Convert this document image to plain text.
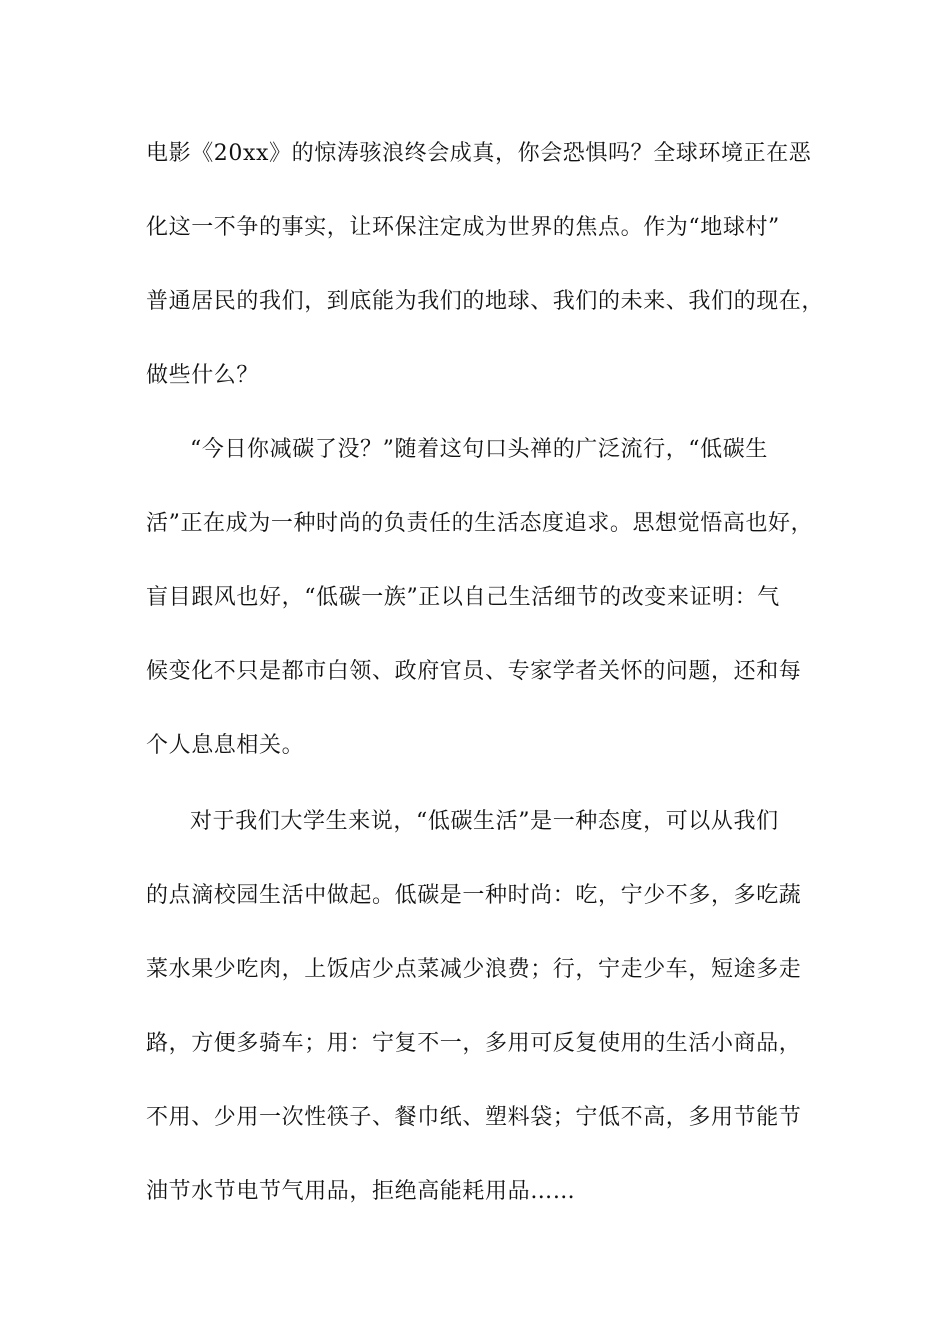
电影《20xx》的惊涛骇浪终会成真，你会恐惧吗？全球环境正在恶

化这一不争的事实，让环保注定成为世界的焦点。作为“地球村”

普通居民的我们，到底能为我们的地球、我们的未来、我们的现在，

做些什么？

“今日你减碳了没？”随着这句口头禅的广泛流行，“低碳生

活”正在成为一种时尚的负责任的生活态度追求。思想觉悟高也好，

盲目跟风也好，“低碳一族”正以自己生活细节的改变来证明：气

候变化不只是都市白领、政府官员、专家学者关怀的问题，还和每

个人息息相关。

对于我们大学生来说，“低碳生活”是一种态度，可以从我们

的点滴校园生活中做起。低碳是一种时尚：吃，宁少不多，多吃蔬

菜水果少吃肉，上饭店少点菜减少浪费；行，宁走少车，短途多走

路，方便多骑车；用：宁复不一，多用可反复使用的生活小商品，

不用、少用一次性筷子、餐巾纸、塑料袋；宁低不高，多用节能节

油节水节电节气用品，拒绝高能耗用品……
